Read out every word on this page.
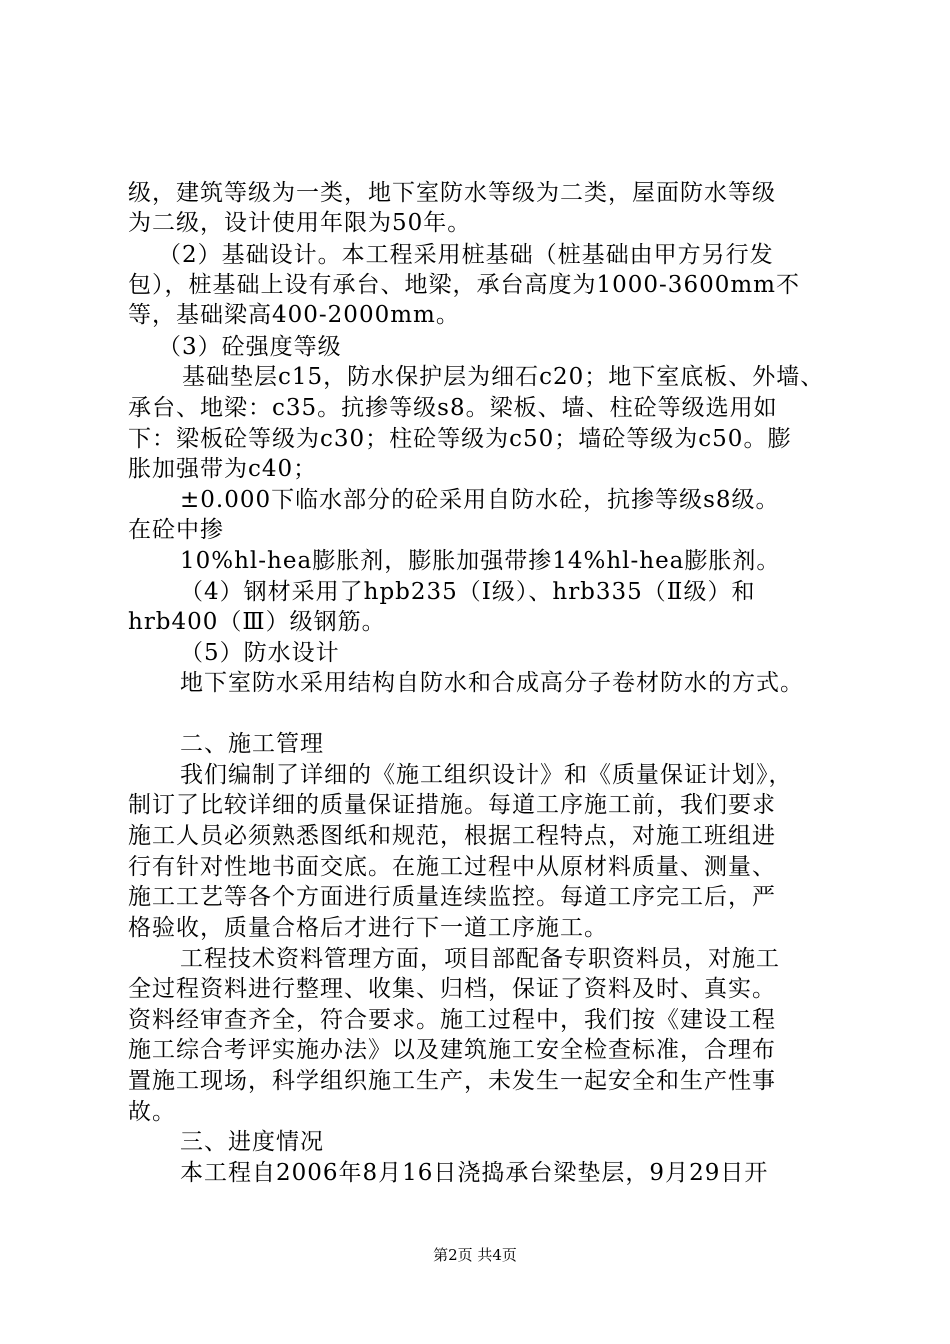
级，建筑等级为一类，地下室防水等级为二类，屋面防水等级
为二级，设计使用年限为50年。
（2）基础设计。本工程采用桩基础（桩基础由甲方另行发
包），桩基础上设有承台、地梁，承台高度为1000-3600mm不
等，基础梁高400-2000mm。
（3）砼强度等级
基础垫层c15，防水保护层为细石c20；地下室底板、外墙、
承台、地梁：c35。抗掺等级s8。梁板、墙、柱砼等级选用如
下：梁板砼等级为c30；柱砼等级为c50；墙砼等级为c50。膨
胀加强带为c40；
±0.000下临水部分的砼采用自防水砼，抗掺等级s8级。
在砼中掺
10%hl-hea膨胀剂，膨胀加强带掺14%hl-hea膨胀剂。
（4）钢材采用了hpb235（Ⅰ级）、hrb335（Ⅱ级）和
hrb400（Ⅲ）级钢筋。
（5）防水设计
地下室防水采用结构自防水和合成高分子卷材防水的方式。
二、施工管理
我们编制了详细的《施工组织设计》和《质量保证计划》，
制订了比较详细的质量保证措施。每道工序施工前，我们要求
施工人员必须熟悉图纸和规范，根据工程特点，对施工班组进
行有针对性地书面交底。在施工过程中从原材料质量、测量、
施工工艺等各个方面进行质量连续监控。每道工序完工后，严
格验收，质量合格后才进行下一道工序施工。
工程技术资料管理方面，项目部配备专职资料员，对施工
全过程资料进行整理、收集、归档，保证了资料及时、真实。
资料经审查齐全，符合要求。施工过程中，我们按《建设工程
施工综合考评实施办法》以及建筑施工安全检查标准，合理布
置施工现场，科学组织施工生产，未发生一起安全和生产性事
故。
三、进度情况
本工程自2006年8月16日浇捣承台梁垫层，9月29日开
第2页 共4页
